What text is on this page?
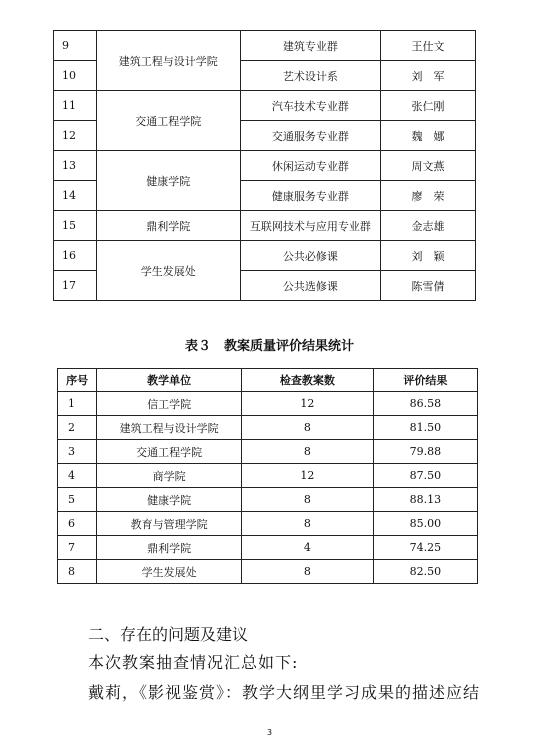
9	建筑工程与设计学院	建筑专业群	王仕文
10		艺术设计系	刘　军
11	交通工程学院	汽车技术专业群	张仁刚
12		交通服务专业群	魏　娜
13	健康学院	休闲运动专业群	周文燕
14		健康服务专业群	廖　荣
15	鼎利学院	互联网技术与应用专业群	金志雄
16	学生发展处	公共必修课	刘　颖
17		公共选修课	陈雪倩
表３　教案质量评价结果统计
序号	教学单位	检查教案数	评价结果
1	信工学院	12	86.58
2	建筑工程与设计学院	8	81.50
3	交通工程学院	8	79.88
4	商学院	12	87.50
5	健康学院	8	88.13
6	教育与管理学院	8	85.00
7	鼎利学院	4	74.25
8	学生发展处	8	82.50
二、存在的问题及建议
本次教案抽查情况汇总如下:
戴莉，《影视鉴赏》：教学大纲里学习成果的描述应结
3
